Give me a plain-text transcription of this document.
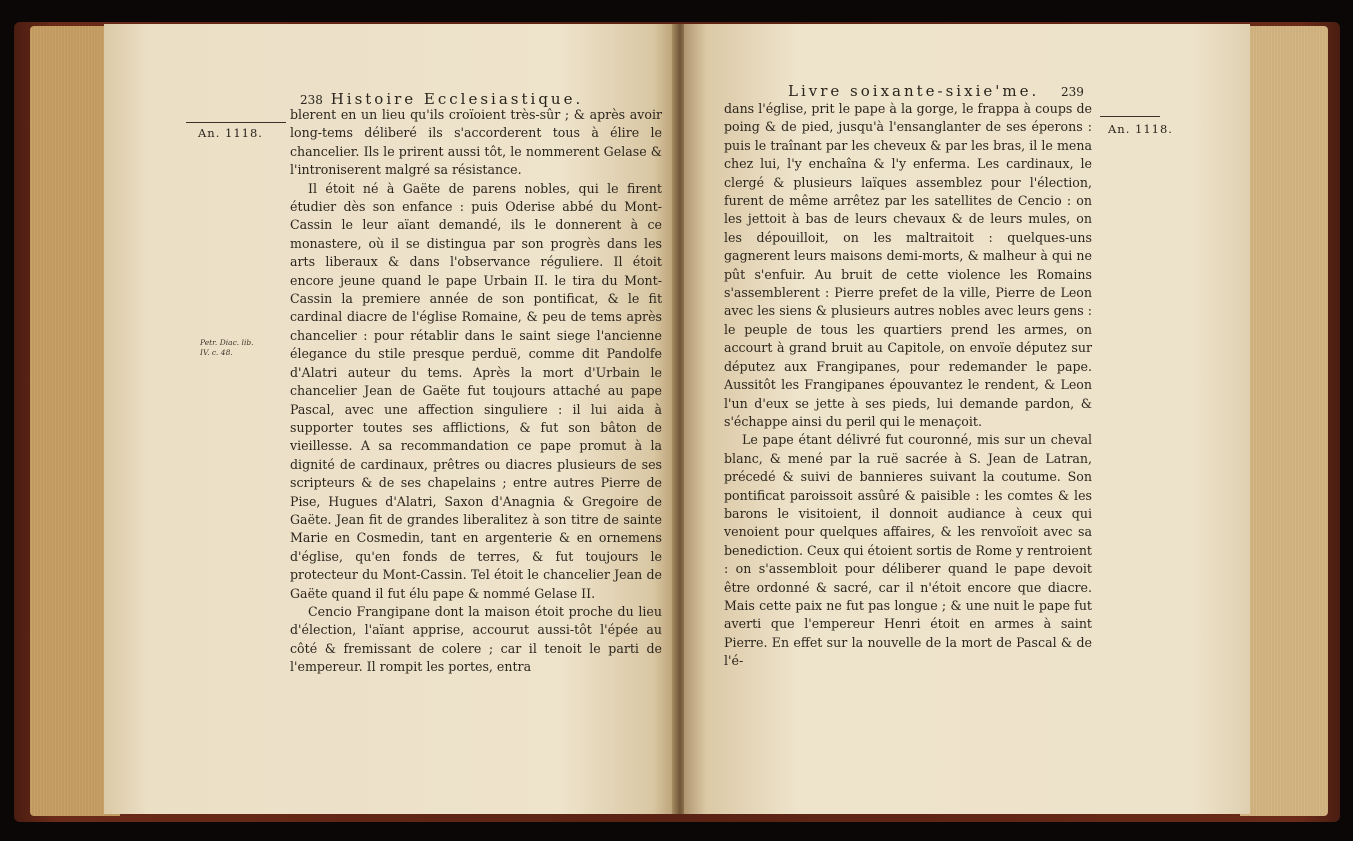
238 Histoire Ecclesiastique.
An. 1118.
Petr. Diac. lib. IV. c. 48.

blerent en un lieu qu'ils croïoient très-sûr ; & après avoir long-tems déliberé ils s'accorderent tous à élire le chancelier. Ils le prirent aussi tôt, le nommerent Gelase & l'introniserent malgré sa résistance.

Il étoit né à Gaëte de parens nobles, qui le firent étudier dès son enfance : puis Oderise abbé du Mont-Cassin le leur aïant demandé, ils le donnerent à ce monastere, où il se distingua par son progrès dans les arts liberaux & dans l'observance réguliere. Il étoit encore jeune quand le pape Urbain II. le tira du Mont-Cassin la premiere année de son pontificat, & le fit cardinal diacre de l'église Romaine, & peu de tems après chancelier : pour rétablir dans le saint siege l'ancienne élegance du stile presque perduë, comme dit Pandolfe d'Alatri auteur du tems. Après la mort d'Urbain le chancelier Jean de Gaëte fut toujours attaché au pape Pascal, avec une affection singuliere : il lui aida à supporter toutes ses afflictions, & fut son bâton de vieillesse. A sa recommandation ce pape promut à la dignité de cardinaux, prêtres ou diacres plusieurs de ses scripteurs & de ses chapelains ; entre autres Pierre de Pise, Hugues d'Alatri, Saxon d'Anagnia & Gregoire de Gaëte. Jean fit de grandes liberalitez à son titre de sainte Marie en Cosmedin, tant en argenterie & en ornemens d'église, qu'en fonds de terres, & fut toujours le protecteur du Mont-Cassin. Tel étoit le chancelier Jean de Gaëte quand il fut élu pape & nommé Gelase II.

Cencio Frangipane dont la maison étoit proche du lieu d'élection, l'aïant apprise, accourut aussi-tôt l'épée au côté & fremissant de colere ; car il tenoit le parti de l'empereur. Il rompit les portes, entra

Livre soixante-sixie'me. 239

dans l'église, prit le pape à la gorge, le frappa à coups de poing & de pied, jusqu'à l'ensanglanter de ses éperons : puis le traînant par les cheveux & par les bras, il le mena chez lui, l'y enchaîna & l'y enferma. Les cardinaux, le clergé & plusieurs laïques assemblez pour l'élection, furent de même arrêtez par les satellites de Cencio : on les jettoit à bas de leurs chevaux & de leurs mules, on les dépouilloit, on les maltraitoit : quelques-uns gagnerent leurs maisons demi-morts, & malheur à qui ne pût s'enfuir. Au bruit de cette violence les Romains s'assemblerent : Pierre prefet de la ville, Pierre de Leon avec les siens & plusieurs autres nobles avec leurs gens : le peuple de tous les quartiers prend les armes, on accourt à grand bruit au Capitole, on envoïe députez sur députez aux Frangipanes, pour redemander le pape. Aussitôt les Frangipanes épouvantez le rendent, & Leon l'un d'eux se jette à ses pieds, lui demande pardon, & s'échappe ainsi du peril qui le menaçoit.

Le pape étant délivré fut couronné, mis sur un cheval blanc, & mené par la ruë sacrée à S. Jean de Latran, précedé & suivi de bannieres suivant la coutume. Son pontificat paroissoit assûré & paisible : les comtes & les barons le visitoient, il donnoit audiance à ceux qui venoient pour quelques affaires, & les renvoïoit avec sa benediction. Ceux qui étoient sortis de Rome y rentroient : on s'assembloit pour déliberer quand le pape devoit être ordonné & sacré, car il n'étoit encore que diacre. Mais cette paix ne fut pas longue ; & une nuit le pape fut averti que l'empereur Henri étoit en armes à saint Pierre. En effet sur la nouvelle de la mort de Pascal & de l'é-

An. 1118.
